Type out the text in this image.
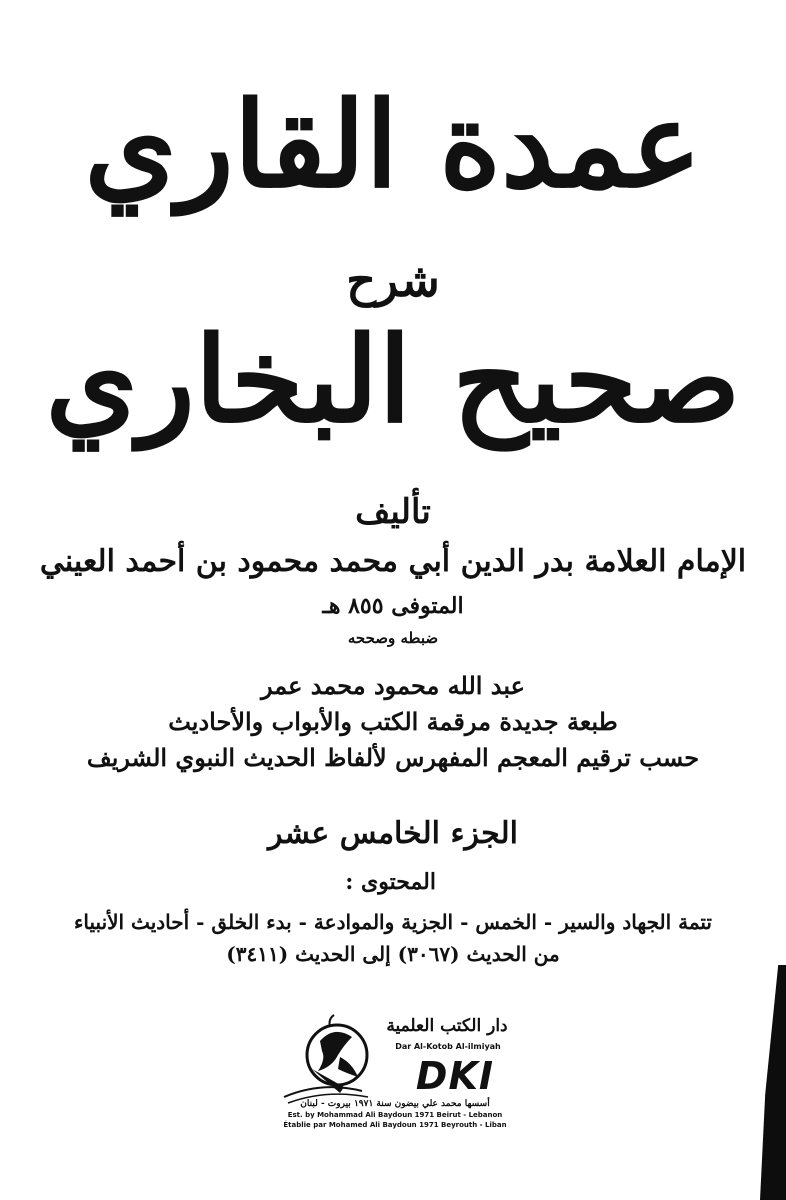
عمدة القاري
شرح
صحيح البخاري
تأليف
الإمام العلامة بدر الدين أبي محمد محمود بن أحمد العيني
المتوفى ٨٥٥ هـ
ضبطه وصححه
عبد الله محمود محمد عمر
طبعة جديدة مرقمة الكتب والأبواب والأحاديث
حسب ترقيم المعجم المفهرس لألفاظ الحديث النبوي الشريف
الجزء الخامس عشر
المحتوى :
تتمة الجهاد والسير - الخمس - الجزية والموادعة - بدء الخلق - أحاديث الأنبياء
من الحديث (٣٠٦٧) إلى الحديث (٣٤١١)
دار الكتب العلمية
Dar Al-Kotob Al-ilmiyah
DKI
أسسها محمد علي بيضون سنة ١٩٧١ بيروت - لبنان
Est. by Mohammad Ali Baydoun 1971 Beirut - Lebanon
Établie par Mohamed Ali Baydoun 1971 Beyrouth - Liban
